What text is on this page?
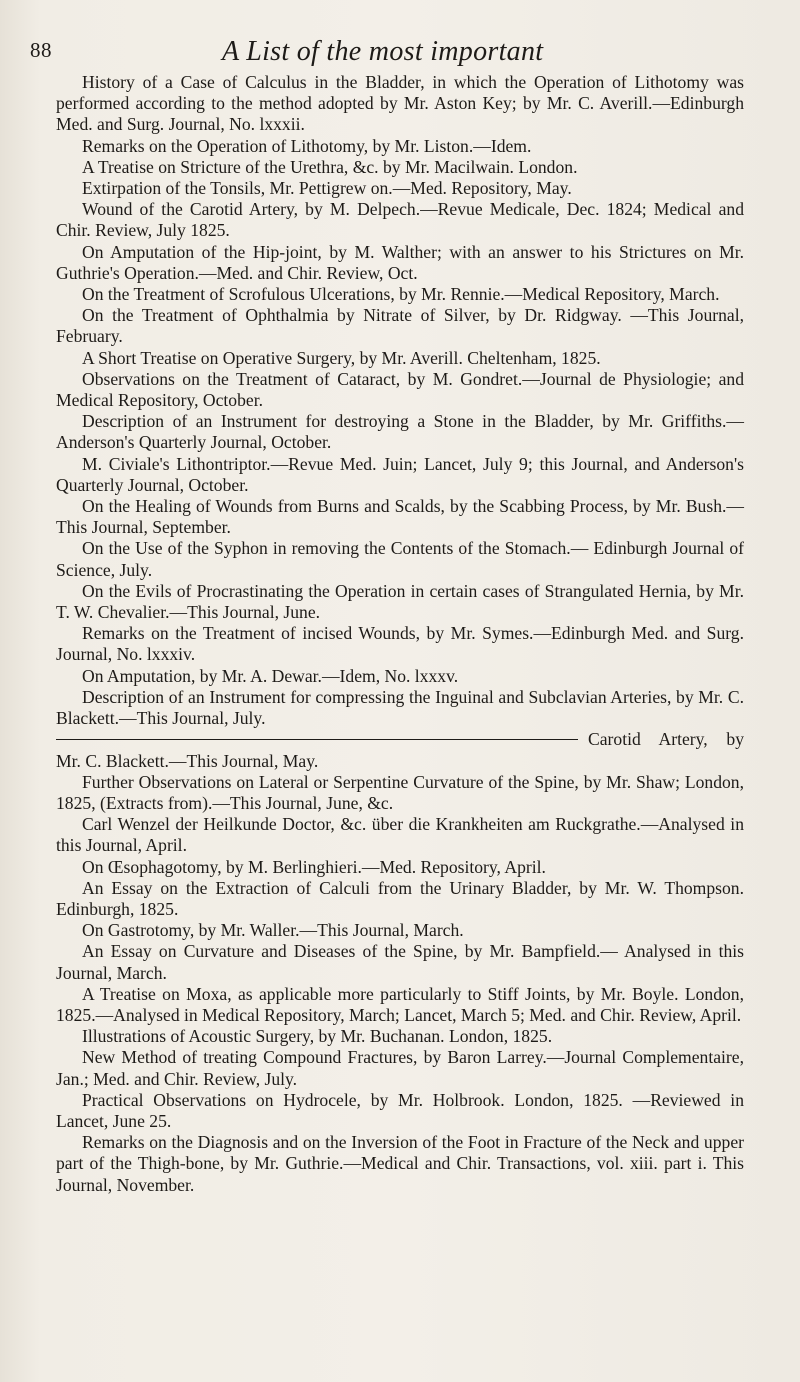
88	A List of the most important

History of a Case of Calculus in the Bladder, in which the Operation of Lithotomy was performed according to the method adopted by Mr. Aston Key; by Mr. C. Averill.—Edinburgh Med. and Surg. Journal, No. lxxxii.

Remarks on the Operation of Lithotomy, by Mr. Liston.—Idem.

A Treatise on Stricture of the Urethra, &c. by Mr. Macilwain. London.

Extirpation of the Tonsils, Mr. Pettigrew on.—Med. Repository, May.

Wound of the Carotid Artery, by M. Delpech.—Revue Medicale, Dec. 1824; Medical and Chir. Review, July 1825.

On Amputation of the Hip-joint, by M. Walther; with an answer to his Strictures on Mr. Guthrie's Operation.—Med. and Chir. Review, Oct.

On the Treatment of Scrofulous Ulcerations, by Mr. Rennie.—Medical Repository, March.

On the Treatment of Ophthalmia by Nitrate of Silver, by Dr. Ridgway. —This Journal, February.

A Short Treatise on Operative Surgery, by Mr. Averill. Cheltenham, 1825.

Observations on the Treatment of Cataract, by M. Gondret.—Journal de Physiologie; and Medical Repository, October.

Description of an Instrument for destroying a Stone in the Bladder, by Mr. Griffiths.—Anderson's Quarterly Journal, October.

M. Civiale's Lithontriptor.—Revue Med. Juin; Lancet, July 9; this Journal, and Anderson's Quarterly Journal, October.

On the Healing of Wounds from Burns and Scalds, by the Scabbing Process, by Mr. Bush.—This Journal, September.

On the Use of the Syphon in removing the Contents of the Stomach.— Edinburgh Journal of Science, July.

On the Evils of Procrastinating the Operation in certain cases of Strangulated Hernia, by Mr. T. W. Chevalier.—This Journal, June.

Remarks on the Treatment of incised Wounds, by Mr. Symes.—Edinburgh Med. and Surg. Journal, No. lxxxiv.

On Amputation, by Mr. A. Dewar.—Idem, No. lxxxv.

Description of an Instrument for compressing the Inguinal and Subclavian Arteries, by Mr. C. Blackett.—This Journal, July.

Carotid Artery, by Mr. C. Blackett.—This Journal, May.

Further Observations on Lateral or Serpentine Curvature of the Spine, by Mr. Shaw; London, 1825, (Extracts from).—This Journal, June, &c.

Carl Wenzel der Heilkunde Doctor, &c. über die Krankheiten am Ruckgrathe.—Analysed in this Journal, April.

On Œsophagotomy, by M. Berlinghieri.—Med. Repository, April.

An Essay on the Extraction of Calculi from the Urinary Bladder, by Mr. W. Thompson. Edinburgh, 1825.

On Gastrotomy, by Mr. Waller.—This Journal, March.

An Essay on Curvature and Diseases of the Spine, by Mr. Bampfield.— Analysed in this Journal, March.

A Treatise on Moxa, as applicable more particularly to Stiff Joints, by Mr. Boyle. London, 1825.—Analysed in Medical Repository, March; Lancet, March 5; Med. and Chir. Review, April.

Illustrations of Acoustic Surgery, by Mr. Buchanan. London, 1825.

New Method of treating Compound Fractures, by Baron Larrey.—Journal Complementaire, Jan.; Med. and Chir. Review, July.

Practical Observations on Hydrocele, by Mr. Holbrook. London, 1825. —Reviewed in Lancet, June 25.

Remarks on the Diagnosis and on the Inversion of the Foot in Fracture of the Neck and upper part of the Thigh-bone, by Mr. Guthrie.—Medical and Chir. Transactions, vol. xiii. part i. This Journal, November.
